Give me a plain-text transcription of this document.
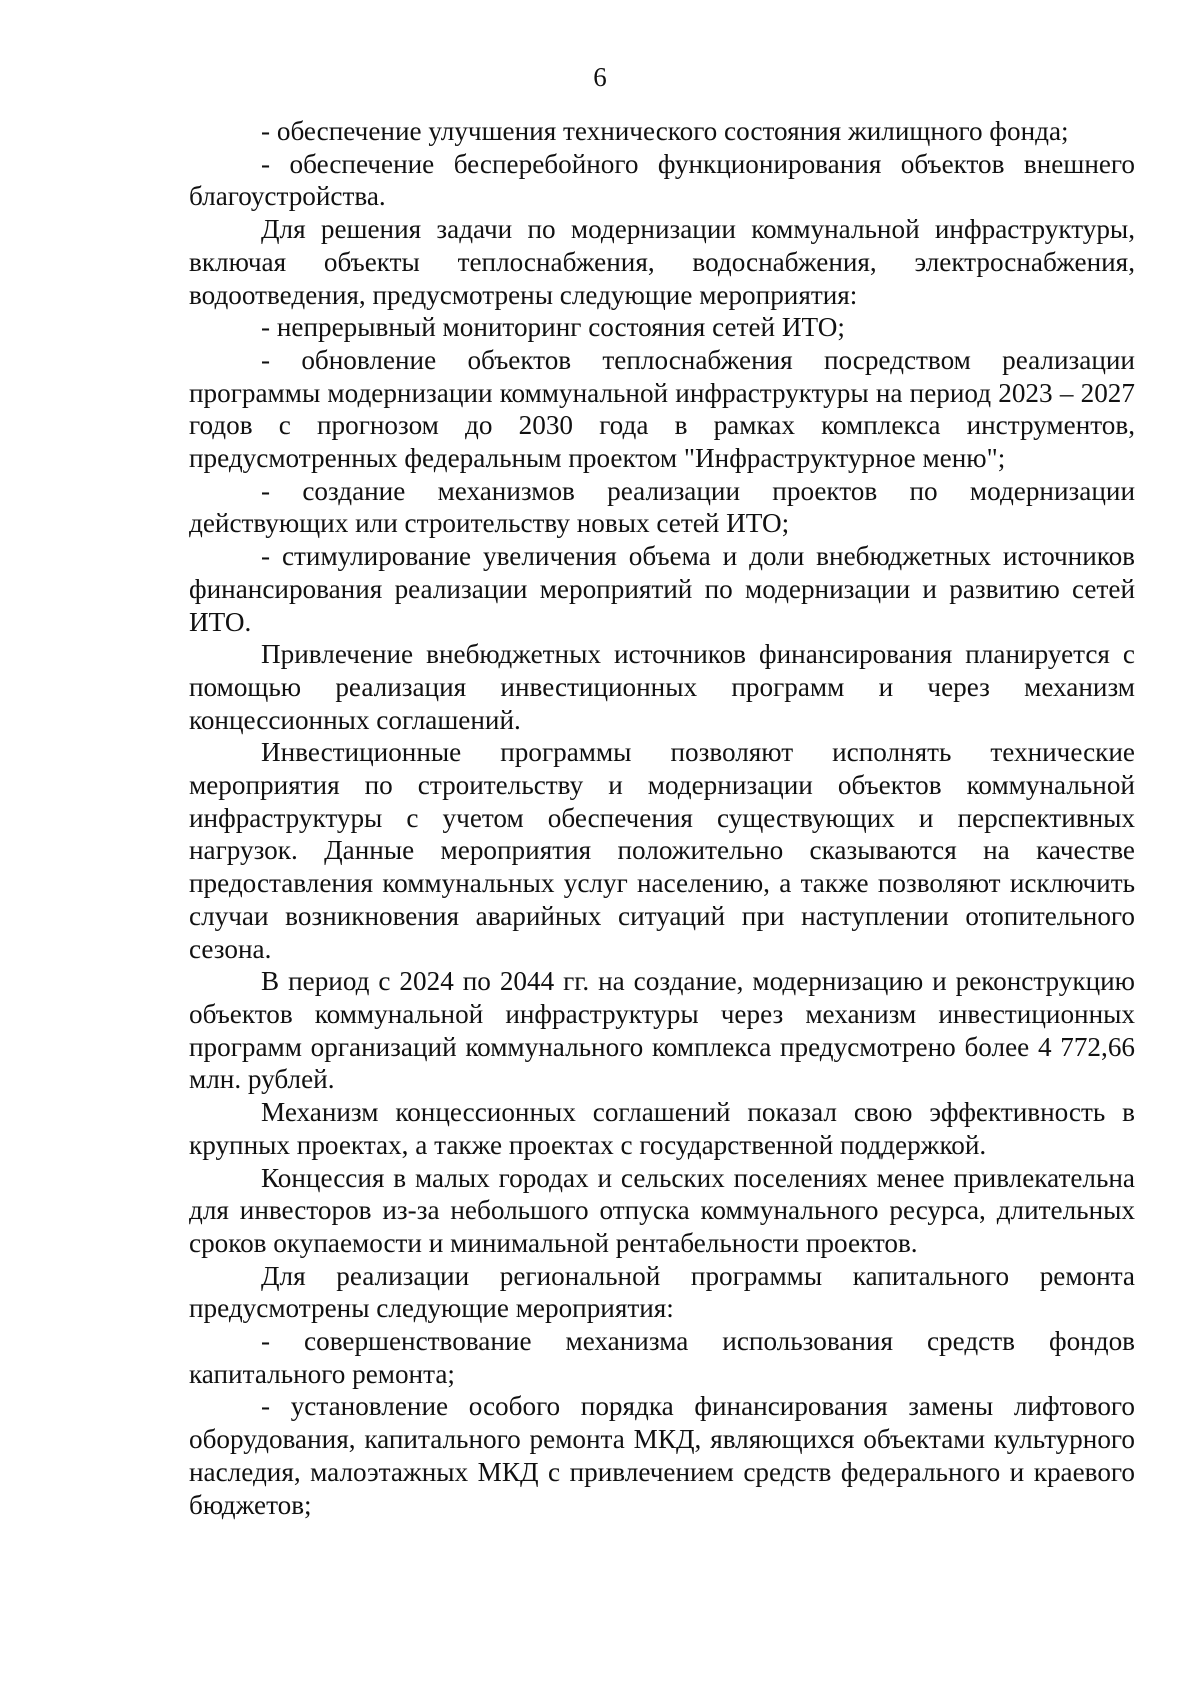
6

- обеспечение улучшения технического состояния жилищного фонда;

- обеспечение бесперебойного функционирования объектов внешнего благоустройства.

Для решения задачи по модернизации коммунальной инфраструктуры, включая объекты теплоснабжения, водоснабжения, электроснабжения, водоотведения, предусмотрены следующие мероприятия:

- непрерывный мониторинг состояния сетей ИТО;

- обновление объектов теплоснабжения посредством реализации программы модернизации коммунальной инфраструктуры на период 2023 – 2027 годов с прогнозом до 2030 года в рамках комплекса инструментов, предусмотренных федеральным проектом "Инфраструктурное меню";

- создание механизмов реализации проектов по модернизации действующих или строительству новых сетей ИТО;

- стимулирование увеличения объема и доли внебюджетных источников финансирования реализации мероприятий по модернизации и развитию сетей ИТО.

Привлечение внебюджетных источников финансирования планируется с помощью реализация инвестиционных программ и через механизм концессионных соглашений.

Инвестиционные программы позволяют исполнять технические мероприятия по строительству и модернизации объектов коммунальной инфраструктуры с учетом обеспечения существующих и перспективных нагрузок. Данные мероприятия положительно сказываются на качестве предоставления коммунальных услуг населению, а также позволяют исключить случаи возникновения аварийных ситуаций при наступлении отопительного сезона.

В период с 2024 по 2044 гг. на создание, модернизацию и реконструкцию объектов коммунальной инфраструктуры через механизм инвестиционных программ организаций коммунального комплекса предусмотрено более 4 772,66 млн. рублей.

Механизм концессионных соглашений показал свою эффективность в крупных проектах, а также проектах с государственной поддержкой.

Концессия в малых городах и сельских поселениях менее привлекательна для инвесторов из-за небольшого отпуска коммунального ресурса, длительных сроков окупаемости и минимальной рентабельности проектов.

Для реализации региональной программы капитального ремонта предусмотрены следующие мероприятия:

- совершенствование механизма использования средств фондов капитального ремонта;

- установление особого порядка финансирования замены лифтового оборудования, капитального ремонта МКД, являющихся объектами культурного наследия, малоэтажных МКД с привлечением средств федерального и краевого бюджетов;
